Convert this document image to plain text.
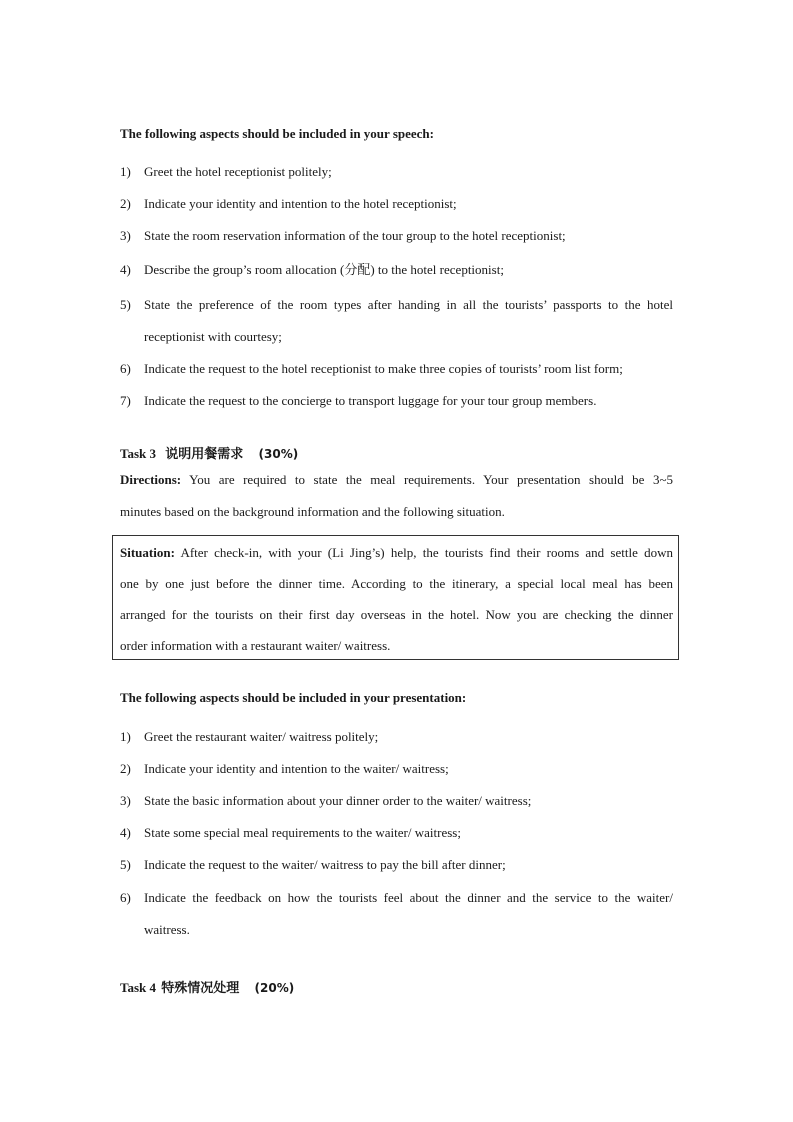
The following aspects should be included in your speech:
1) Greet the hotel receptionist politely;
2) Indicate your identity and intention to the hotel receptionist;
3) State the room reservation information of the tour group to the hotel receptionist;
4) Describe the group’s room allocation (分配) to the hotel receptionist;
5) State the preference of the room types after handing in all the tourists’ passports to the hotel
receptionist with courtesy;
6) Indicate the request to the hotel receptionist to make three copies of tourists’ room list form;
7) Indicate the request to the concierge to transport luggage for your tour group members.
Task 3 说明用餐需求 (30%)
Directions: You are required to state the meal requirements. Your presentation should be 3~5
minutes based on the background information and the following situation.
Situation: After check-in, with your (Li Jing’s) help, the tourists find their rooms and settle down
one by one just before the dinner time. According to the itinerary, a special local meal has been
arranged for the tourists on their first day overseas in the hotel. Now you are checking the dinner
order information with a restaurant waiter/ waitress.
The following aspects should be included in your presentation:
1) Greet the restaurant waiter/ waitress politely;
2) Indicate your identity and intention to the waiter/ waitress;
3) State the basic information about your dinner order to the waiter/ waitress;
4) State some special meal requirements to the waiter/ waitress;
5) Indicate the request to the waiter/ waitress to pay the bill after dinner;
6) Indicate the feedback on how the tourists feel about the dinner and the service to the waiter/
waitress.
Task 4 特殊情况处理 (20%)
